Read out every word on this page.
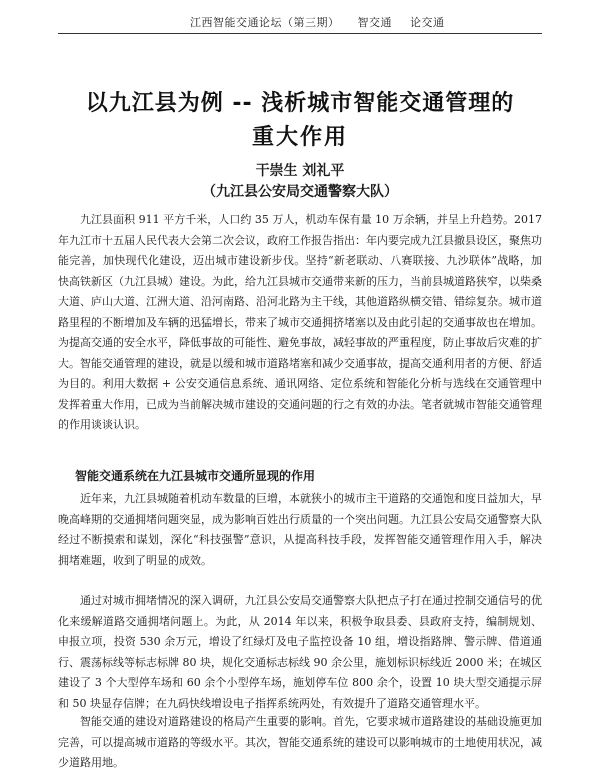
江西智能交通论坛（第三期） 智交通 论交通
以九江县为例 -- 浅析城市智能交通管理的
重大作用
干崇生 刘礼平
（九江县公安局交通警察大队）

九江县面积 911 平方千米，人口约 35 万人，机动车保有量 10 万余辆，并呈上升趋势。2017 年九江市十五届人民代表大会第二次会议，政府工作报告指出：年内要完成九江县撤县设区，聚焦功能完善，加快现代化建设，迈出城市建设新步伐。坚持“新老联动、八赛联接、九沙联体”战略，加快高铁新区（九江县城）建设。为此，给九江县城市交通带来新的压力，当前县城道路狭窄，以柴桑大道、庐山大道、江洲大道、沿河南路、沿河北路为主干线，其他道路纵横交错、错综复杂。城市道路里程的不断增加及车辆的迅猛增长，带来了城市交通拥挤堵塞以及由此引起的交通事故也在增加。为提高交通的安全水平，降低事故的可能性、避免事故，减轻事故的严重程度，防止事故后灾难的扩大。智能交通管理的建设，就是以缓和城市道路堵塞和减少交通事故，提高交通利用者的方便、舒适为目的。利用大数据 + 公安交通信息系统、通讯网络、定位系统和智能化分析与选线在交通管理中发挥着重大作用，已成为当前解决城市建设的交通问题的行之有效的办法。笔者就城市智能交通管理的作用谈谈认识。

智能交通系统在九江县城市交通所显现的作用

近年来，九江县城随着机动车数量的巨增，本就狭小的城市主干道路的交通饱和度日益加大，早晚高峰期的交通拥堵问题突显，成为影响百姓出行质量的一个突出问题。九江县公安局交通警察大队经过不断摸索和谋划，深化“科技强警”意识，从提高科技手段，发挥智能交通管理作用入手，解决拥堵难题，收到了明显的成效。

通过对城市拥堵情况的深入调研，九江县公安局交通警察大队把点子打在通过控制交通信号的优化来缓解道路交通拥堵问题上。为此，从 2014 年以来，积极争取县委、县政府支持，编制规划、申报立项，投资 530 余万元，增设了红绿灯及电子监控设备 10 组，增设指路牌、警示牌、借道通行、震荡标线等标志标牌 80 块，规化交通标志标线 90 余公里，施划标识标线近 2000 米；在城区建设了 3 个大型停车场和 60 余个小型停车场，施划停车位 800 余个，设置 10 块大型交通提示屏和 50 块显存信牌；在九码快线增设电子指挥系统两处，有效提升了道路交通管理水平。

智能交通的建设对道路建设的格局产生重要的影响。首先，它要求城市道路建设的基础设施更加完善，可以提高城市道路的等级水平。其次，智能交通系统的建设可以影响城市的土地使用状况，减少道路用地。
